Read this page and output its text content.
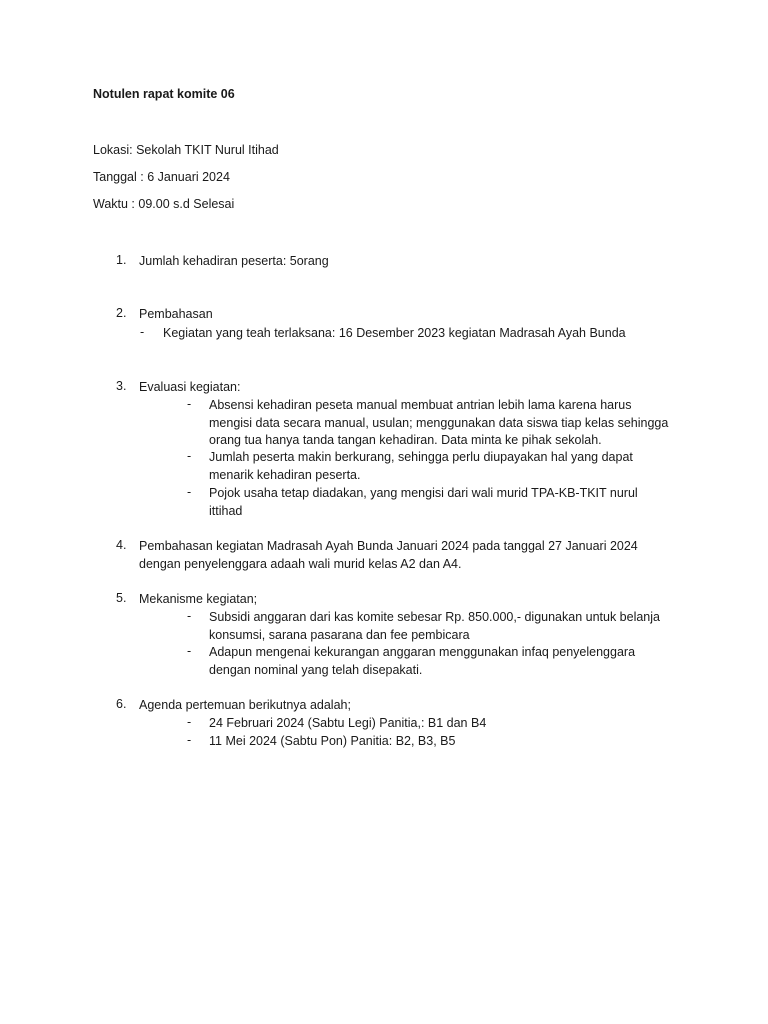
Notulen rapat komite 06
Lokasi: Sekolah TKIT Nurul Itihad
Tanggal : 6 Januari 2024
Waktu : 09.00 s.d Selesai
1. Jumlah kehadiran peserta: 5orang
2. Pembahasan
- Kegiatan yang teah terlaksana: 16 Desember 2023 kegiatan Madrasah Ayah Bunda
3. Evaluasi kegiatan:
- Absensi kehadiran peseta manual membuat antrian lebih lama karena harus mengisi data secara manual, usulan; menggunakan data siswa tiap kelas sehingga orang tua hanya tanda tangan kehadiran. Data minta ke pihak sekolah.
- Jumlah peserta makin berkurang, sehingga perlu diupayakan hal yang dapat menarik kehadiran peserta.
- Pojok usaha tetap diadakan, yang mengisi dari wali murid TPA-KB-TKIT nurul ittihad
4. Pembahasan kegiatan Madrasah Ayah Bunda Januari 2024 pada tanggal 27 Januari 2024 dengan penyelenggara adaah wali murid kelas A2 dan A4.
5. Mekanisme kegiatan;
- Subsidi anggaran dari kas komite sebesar Rp. 850.000,- digunakan untuk belanja konsumsi, sarana pasarana dan fee pembicara
- Adapun mengenai kekurangan anggaran menggunakan infaq penyelenggara dengan nominal yang telah disepakati.
6. Agenda pertemuan berikutnya adalah;
- 24 Februari 2024 (Sabtu Legi) Panitia,: B1 dan B4
- 11 Mei 2024 (Sabtu Pon) Panitia: B2, B3, B5
